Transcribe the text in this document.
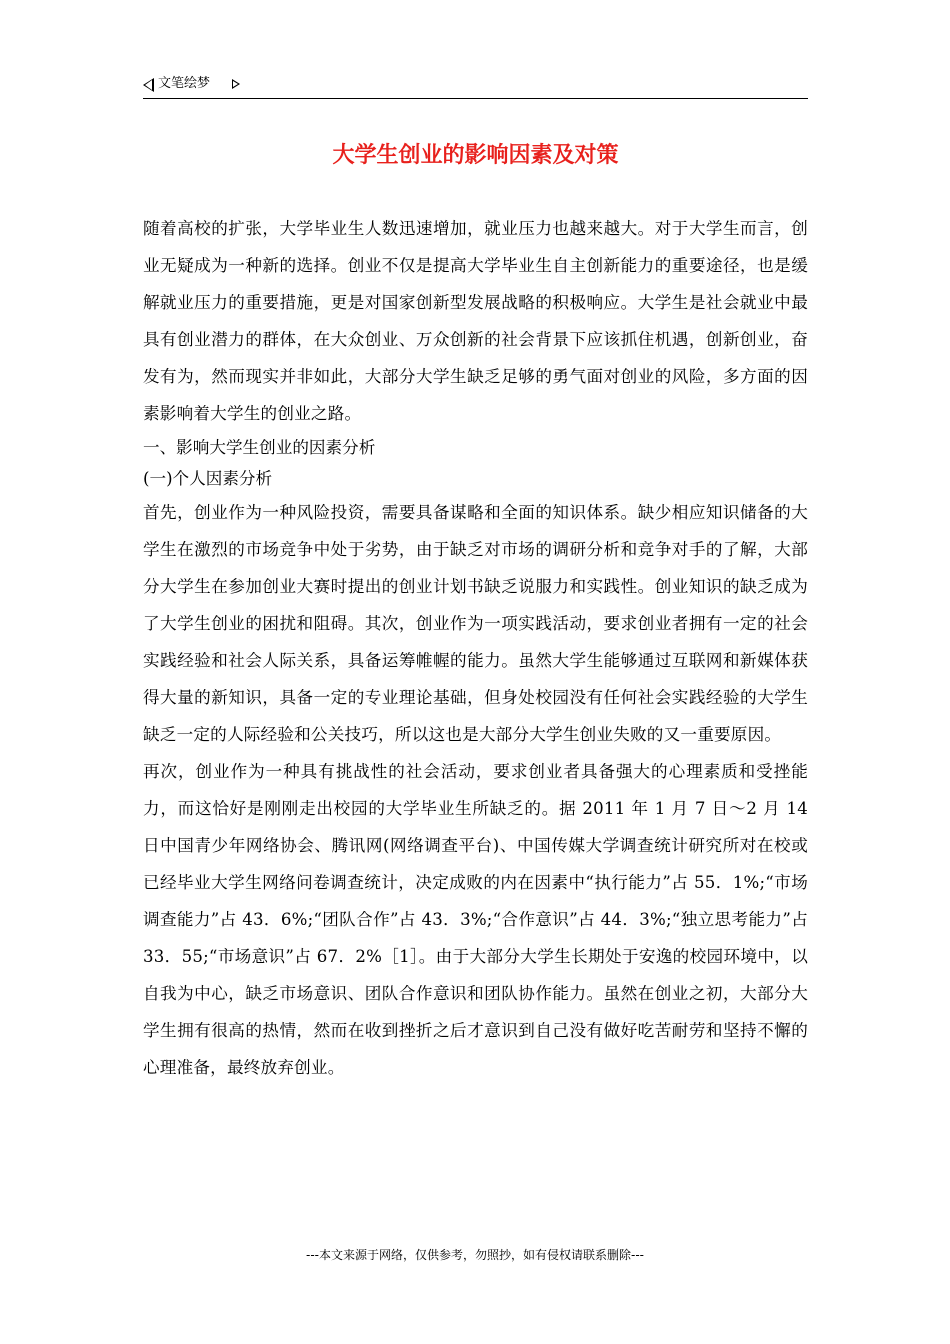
文笔绘梦
大学生创业的影响因素及对策

随着高校的扩张，大学毕业生人数迅速增加，就业压力也越来越大。对于大学生而言，创业无疑成为一种新的选择。创业不仅是提高大学毕业生自主创新能力的重要途径，也是缓解就业压力的重要措施，更是对国家创新型发展战略的积极响应。大学生是社会就业中最具有创业潜力的群体，在大众创业、万众创新的社会背景下应该抓住机遇，创新创业，奋发有为，然而现实并非如此，大部分大学生缺乏足够的勇气面对创业的风险，多方面的因素影响着大学生的创业之路。

一、影响大学生创业的因素分析

(一)个人因素分析

首先，创业作为一种风险投资，需要具备谋略和全面的知识体系。缺少相应知识储备的大学生在激烈的市场竞争中处于劣势，由于缺乏对市场的调研分析和竞争对手的了解，大部分大学生在参加创业大赛时提出的创业计划书缺乏说服力和实践性。创业知识的缺乏成为了大学生创业的困扰和阻碍。其次，创业作为一项实践活动，要求创业者拥有一定的社会实践经验和社会人际关系，具备运筹帷幄的能力。虽然大学生能够通过互联网和新媒体获得大量的新知识，具备一定的专业理论基础，但身处校园没有任何社会实践经验的大学生缺乏一定的人际经验和公关技巧，所以这也是大部分大学生创业失败的又一重要原因。

再次，创业作为一种具有挑战性的社会活动，要求创业者具备强大的心理素质和受挫能力，而这恰好是刚刚走出校园的大学毕业生所缺乏的。据 2011 年 1 月 7 日～2 月 14 日中国青少年网络协会、腾讯网(网络调查平台)、中国传媒大学调查统计研究所对在校或已经毕业大学生网络问卷调查统计，决定成败的内在因素中“执行能力”占 55．1%;“市场调查能力”占 43．6%;“团队合作”占 43．3%;“合作意识”占 44．3%;“独立思考能力”占 33．55;“市场意识”占 67．2%［1］。由于大部分大学生长期处于安逸的校园环境中，以自我为中心，缺乏市场意识、团队合作意识和团队协作能力。虽然在创业之初，大部分大学生拥有很高的热情，然而在收到挫折之后才意识到自己没有做好吃苦耐劳和坚持不懈的心理准备，最终放弃创业。

---本文来源于网络，仅供参考，勿照抄，如有侵权请联系删除---
